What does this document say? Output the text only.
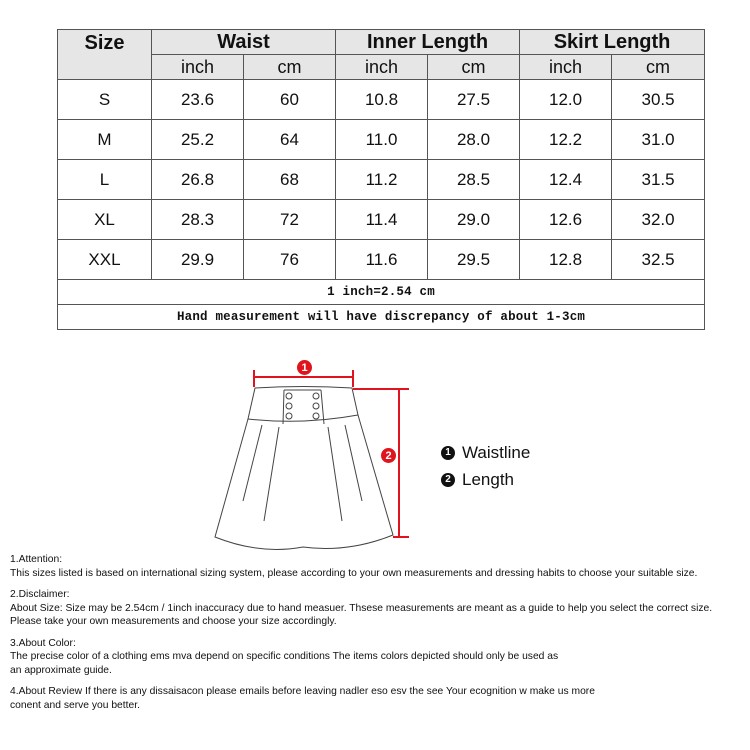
Size	Waist		Inner Length		Skirt Length	
	inch	cm	inch	cm	inch	cm
S	23.6	60	10.8	27.5	12.0	30.5
M	25.2	64	11.0	28.0	12.2	31.0
L	26.8	68	11.2	28.5	12.4	31.5
XL	28.3	72	11.4	29.0	12.6	32.0
XXL	29.9	76	11.6	29.5	12.8	32.5
1 inch=2.54 cm						
Hand measurement will have discrepancy of about 1-3cm						
1
2	1 Waistline
2 Length

1.Attention:

This sizes listed is based on international sizing system, please according to your own measurements and dressing habits to choose your suitable size.

2.Disclaimer:

About Size: Size may be 2.54cm / 1inch inaccuracy due to hand measuer. Thsese measurements are meant as a guide to help you select the correct size.

Please take your own measurements and choose your size accordingly.

3.About Color:

The precise color of a clothing ems mva depend on specific conditions The items colors depicted should only be used as

an approximate guide.

4.About Review If there is any dissaisacon please emails before leaving nadler eso esv the see Your ecognition w make us more

conent and serve you better.
